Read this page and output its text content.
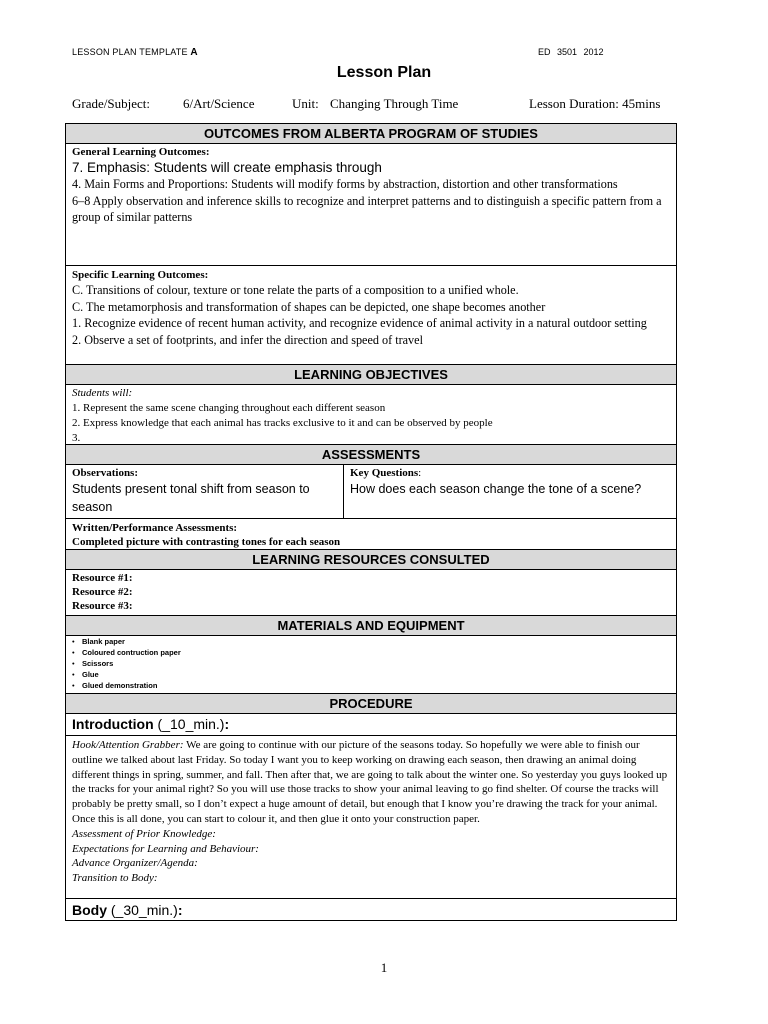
LESSON PLAN TEMPLATE A	ED 3501 2012
Lesson Plan
Grade/Subject:	6/Art/Science	Unit: Changing Through Time	Lesson Duration: 45mins
OUTCOMES FROM ALBERTA PROGRAM OF STUDIES
General Learning Outcomes:
7. Emphasis: Students will create emphasis through
4. Main Forms and Proportions: Students will modify forms by abstraction, distortion and other transformations
6–8 Apply observation and inference skills to recognize and interpret patterns and to distinguish a specific pattern from a group of similar patterns
Specific Learning Outcomes:
C. Transitions of colour, texture or tone relate the parts of a composition to a unified whole.
C. The metamorphosis and transformation of shapes can be depicted, one shape becomes another
1. Recognize evidence of recent human activity, and recognize evidence of animal activity in a natural outdoor setting
2. Observe a set of footprints, and infer the direction and speed of travel
LEARNING OBJECTIVES
Students will:
1. Represent the same scene changing throughout each different season
2. Express knowledge that each animal has tracks exclusive to it and can be observed by people
3.
ASSESSMENTS
Observations:
Students present tonal shift from season to season
Key Questions:
How does each season change the tone of a scene?
Written/Performance Assessments:
Completed picture with contrasting tones for each season
LEARNING RESOURCES CONSULTED
Resource #1:
Resource #2:
Resource #3:
MATERIALS AND EQUIPMENT
• Blank paper
• Coloured contruction paper
• Scissors
• Glue
• Glued demonstration
PROCEDURE
Introduction (_10_min.):
Hook/Attention Grabber: We are going to continue with our picture of the seasons today. So hopefully we were able to finish our outline we talked about last Friday. So today I want you to keep working on drawing each season, then drawing an animal doing different things in spring, summer, and fall. Then after that, we are going to talk about the winter one. So yesterday you guys looked up the tracks for your animal right? So you will use those tracks to show your animal leaving to go find shelter. Of course the tracks will probably be pretty small, so I don’t expect a huge amount of detail, but enough that I know you’re drawing the track for your animal. Once this is all done, you can start to colour it, and then glue it onto your construction paper.
Assessment of Prior Knowledge:
Expectations for Learning and Behaviour:
Advance Organizer/Agenda:
Transition to Body:
Body (_30_min.):
1
